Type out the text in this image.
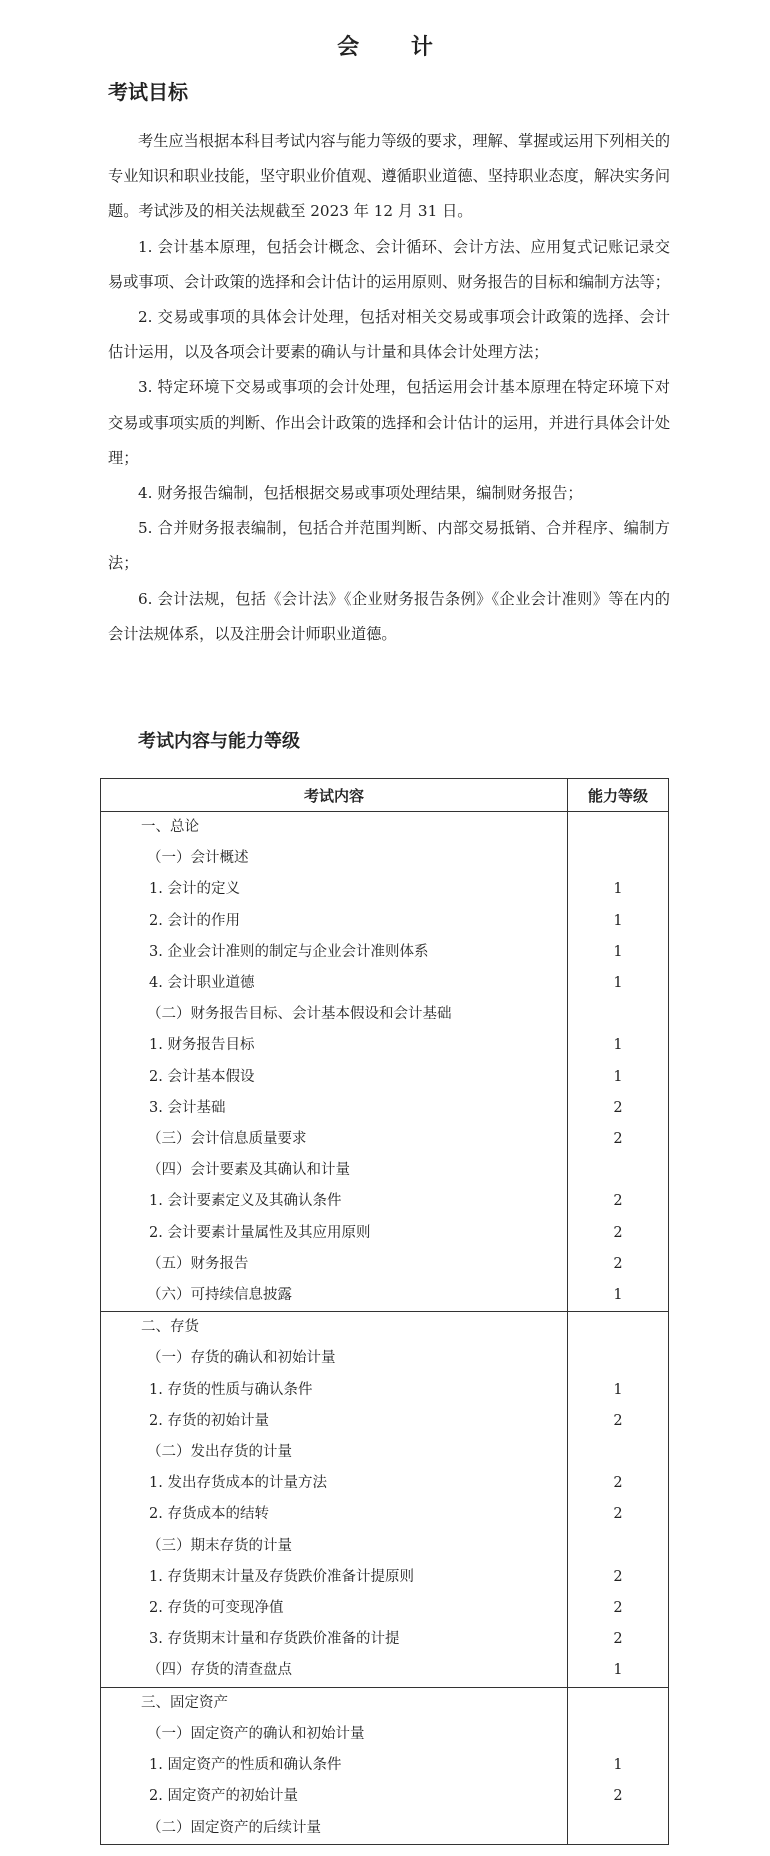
会 计
考试目标

考生应当根据本科目考试内容与能力等级的要求，理解、掌握或运用下列相关的专业知识和职业技能，坚守职业价值观、遵循职业道德、坚持职业态度，解决实务问题。考试涉及的相关法规截至 2023 年 12 月 31 日。

1. 会计基本原理，包括会计概念、会计循环、会计方法、应用复式记账记录交易或事项、会计政策的选择和会计估计的运用原则、财务报告的目标和编制方法等；

2. 交易或事项的具体会计处理，包括对相关交易或事项会计政策的选择、会计估计运用，以及各项会计要素的确认与计量和具体会计处理方法；

3. 特定环境下交易或事项的会计处理，包括运用会计基本原理在特定环境下对交易或事项实质的判断、作出会计政策的选择和会计估计的运用，并进行具体会计处理；

4. 财务报告编制，包括根据交易或事项处理结果，编制财务报告；

5. 合并财务报表编制，包括合并范围判断、内部交易抵销、合并程序、编制方法；

6. 会计法规，包括《会计法》《企业财务报告条例》《企业会计准则》等在内的会计法规体系，以及注册会计师职业道德。

考试内容与能力等级
考试内容	能力等级
一、总论	
（一）会计概述	
1. 会计的定义	1
2. 会计的作用	1
3. 企业会计准则的制定与企业会计准则体系	1
4. 会计职业道德	1
（二）财务报告目标、会计基本假设和会计基础	
1. 财务报告目标	1
2. 会计基本假设	1
3. 会计基础	2
（三）会计信息质量要求	2
（四）会计要素及其确认和计量	
1. 会计要素定义及其确认条件	2
2. 会计要素计量属性及其应用原则	2
（五）财务报告	2
（六）可持续信息披露	1
二、存货	
（一）存货的确认和初始计量	
1. 存货的性质与确认条件	1
2. 存货的初始计量	2
（二）发出存货的计量	
1. 发出存货成本的计量方法	2
2. 存货成本的结转	2
（三）期末存货的计量	
1. 存货期末计量及存货跌价准备计提原则	2
2. 存货的可变现净值	2
3. 存货期末计量和存货跌价准备的计提	2
（四）存货的清查盘点	1
三、固定资产	
（一）固定资产的确认和初始计量	
1. 固定资产的性质和确认条件	1
2. 固定资产的初始计量	2
（二）固定资产的后续计量	
